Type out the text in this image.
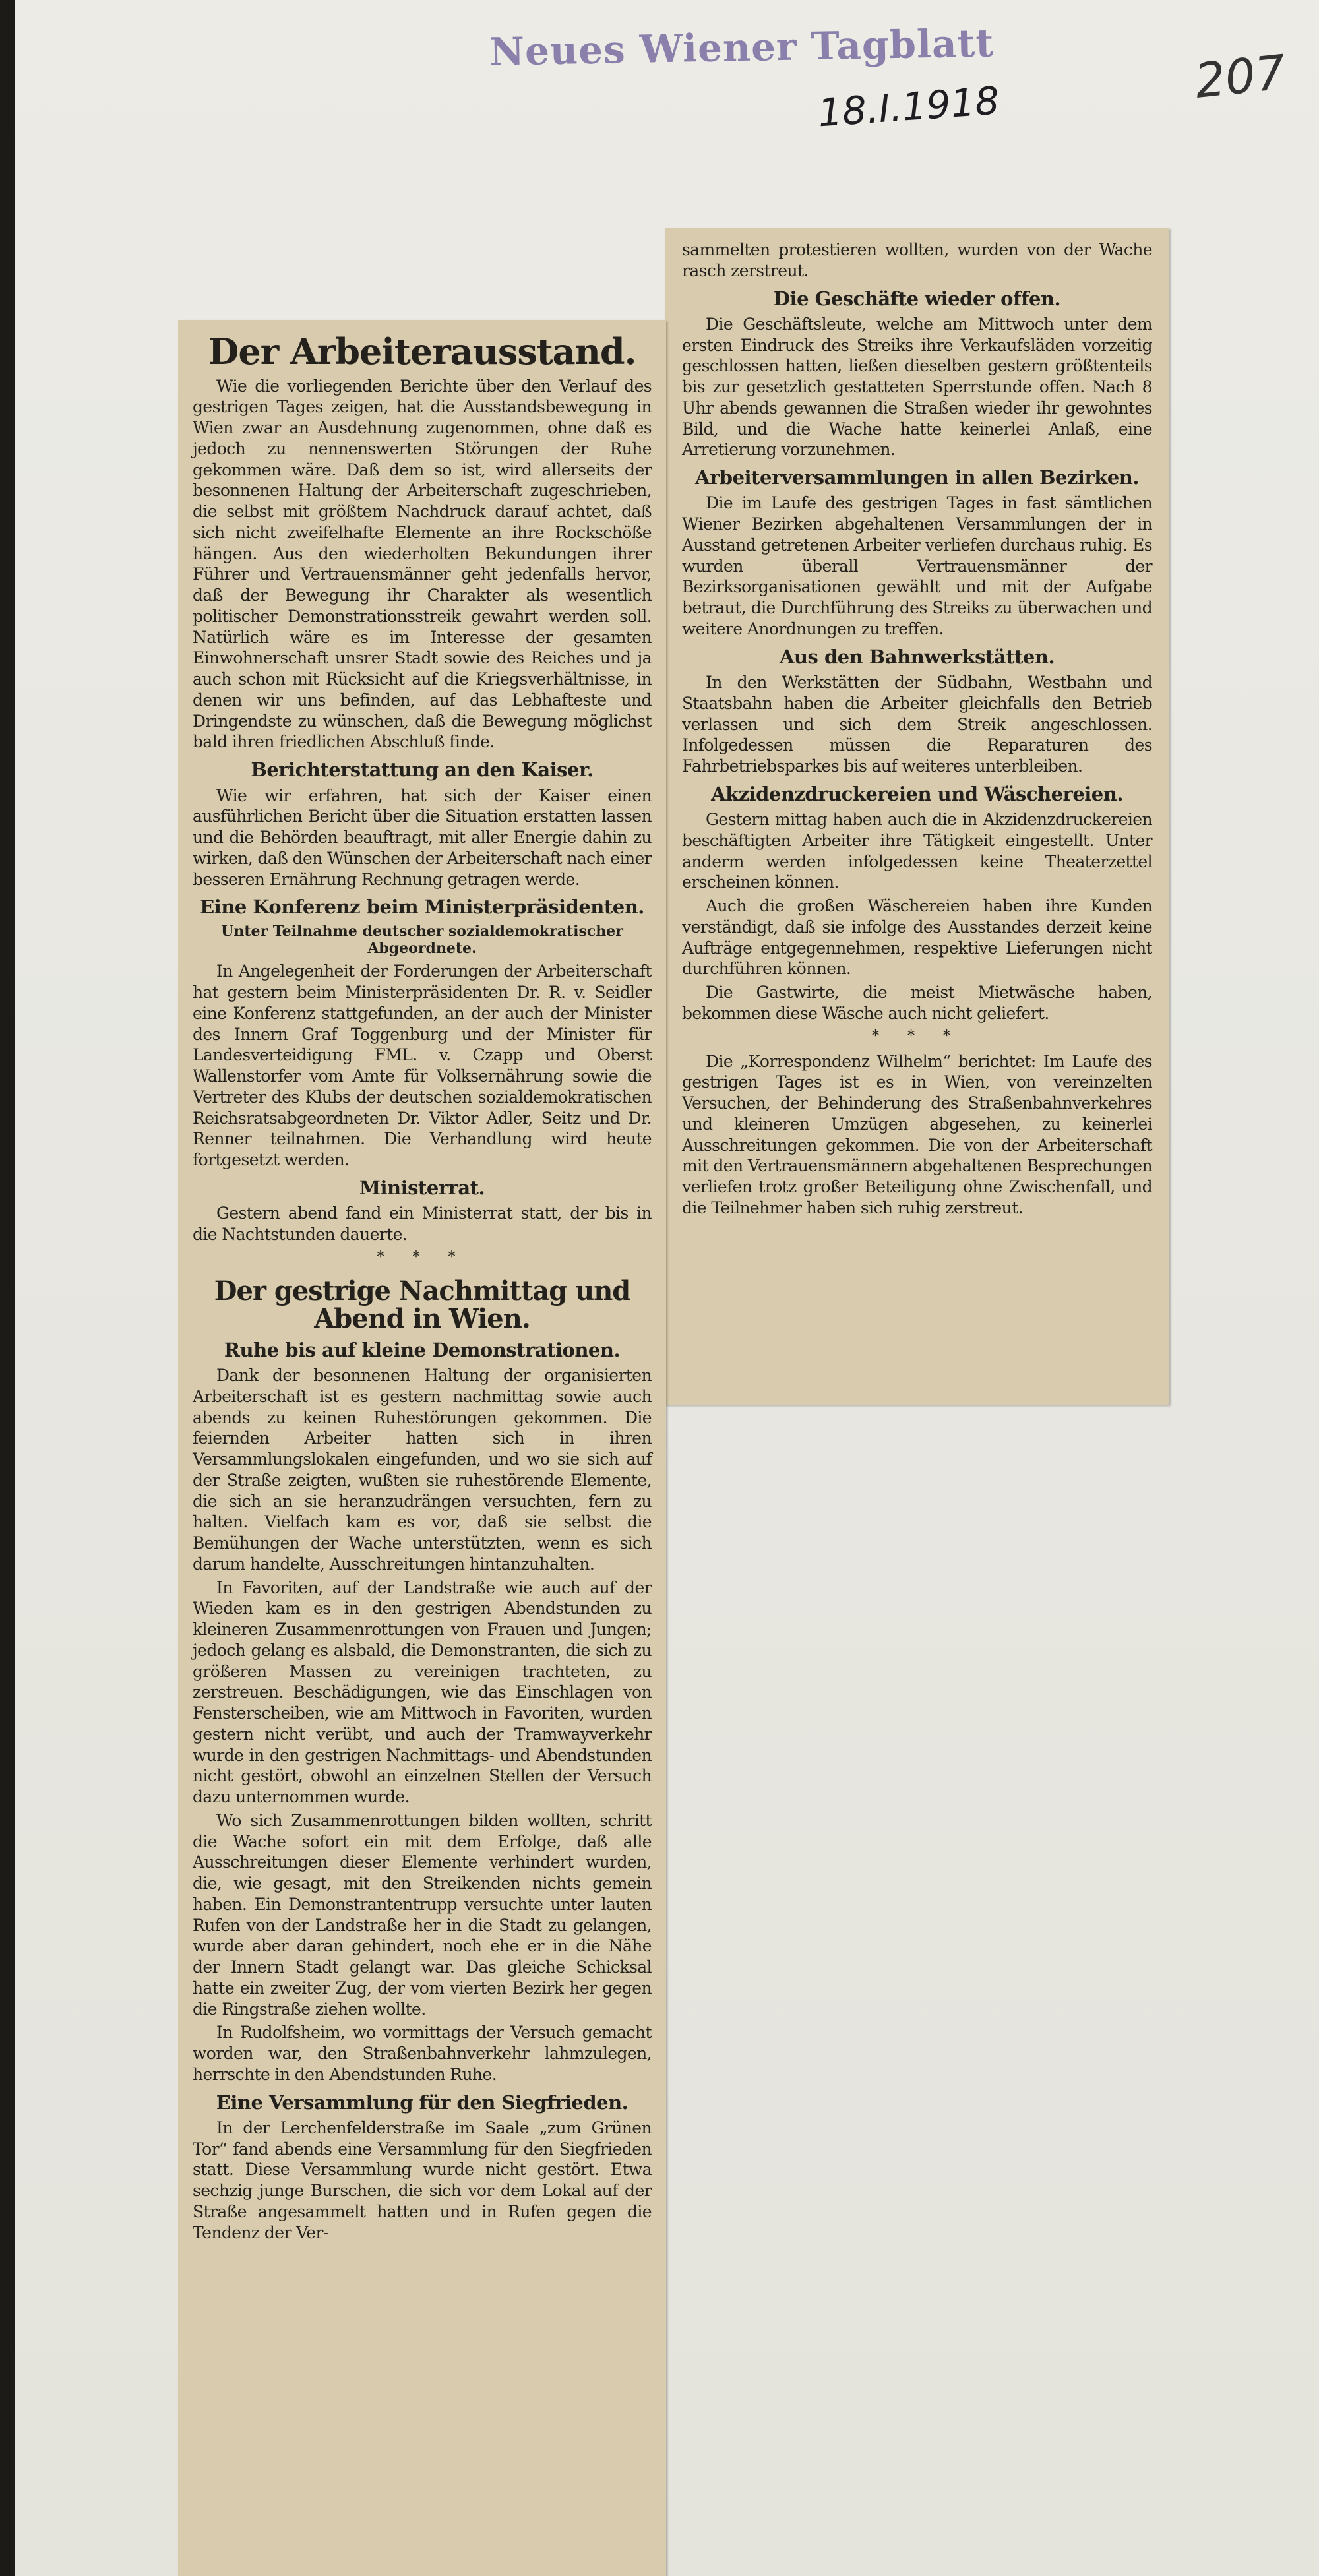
Neues Wiener Tagblatt
18.I.1918	207

sammelten protestieren wollten, wurden von der Wache rasch zerstreut.

Die Geschäfte wieder offen.

Die Geschäftsleute, welche am Mittwoch unter dem ersten Eindruck des Streiks ihre Verkaufsläden vorzeitig geschlossen hatten, ließen dieselben gestern größtenteils bis zur gesetzlich gestatteten Sperrstunde offen. Nach 8 Uhr abends gewannen die Straßen wieder ihr gewohntes Bild, und die Wache hatte keinerlei Anlaß, eine Arretierung vorzunehmen.

Arbeiterversammlungen in allen Bezirken.

Die im Laufe des gestrigen Tages in fast sämtlichen Wiener Bezirken abgehaltenen Versammlungen der in Ausstand getretenen Arbeiter verliefen durchaus ruhig. Es wurden überall Vertrauensmänner der Bezirksorganisationen gewählt und mit der Aufgabe betraut, die Durchführung des Streiks zu überwachen und weitere Anordnungen zu treffen.

Aus den Bahnwerkstätten.

In den Werkstätten der Südbahn, Westbahn und Staatsbahn haben die Arbeiter gleichfalls den Betrieb verlassen und sich dem Streik angeschlossen. Infolgedessen müssen die Reparaturen des Fahrbetriebsparkes bis auf weiteres unterbleiben.

Akzidenzdruckereien und Wäschereien.

Gestern mittag haben auch die in Akzidenzdruckereien beschäftigten Arbeiter ihre Tätigkeit eingestellt. Unter anderm werden infolgedessen keine Theaterzettel erscheinen können.

Auch die großen Wäschereien haben ihre Kunden verständigt, daß sie infolge des Ausstandes derzeit keine Aufträge entgegennehmen, respektive Lieferungen nicht durchführen können.

Die Gastwirte, die meist Mietwäsche haben, bekommen diese Wäsche auch nicht geliefert.

* * *

Die „Korrespondenz Wilhelm“ berichtet: Im Laufe des gestrigen Tages ist es in Wien, von vereinzelten Versuchen, der Behinderung des Straßenbahnverkehres und kleineren Umzügen abgesehen, zu keinerlei Ausschreitungen gekommen. Die von der Arbeiterschaft mit den Vertrauensmännern abgehaltenen Besprechungen verliefen trotz großer Beteiligung ohne Zwischenfall, und die Teilnehmer haben sich ruhig zerstreut.

Der Arbeiterausstand.

Wie die vorliegenden Berichte über den Verlauf des gestrigen Tages zeigen, hat die Ausstandsbewegung in Wien zwar an Ausdehnung zugenommen, ohne daß es jedoch zu nennenswerten Störungen der Ruhe gekommen wäre. Daß dem so ist, wird allerseits der besonnenen Haltung der Arbeiterschaft zugeschrieben, die selbst mit größtem Nachdruck darauf achtet, daß sich nicht zweifelhafte Elemente an ihre Rockschöße hängen. Aus den wiederholten Bekundungen ihrer Führer und Vertrauensmänner geht jedenfalls hervor, daß der Bewegung ihr Charakter als wesentlich politischer Demonstrationsstreik gewahrt werden soll. Natürlich wäre es im Interesse der gesamten Einwohnerschaft unsrer Stadt sowie des Reiches und ja auch schon mit Rücksicht auf die Kriegsverhältnisse, in denen wir uns befinden, auf das Lebhafteste und Dringendste zu wünschen, daß die Bewegung möglichst bald ihren friedlichen Abschluß finde.

Berichterstattung an den Kaiser.

Wie wir erfahren, hat sich der Kaiser einen ausführlichen Bericht über die Situation erstatten lassen und die Behörden beauftragt, mit aller Energie dahin zu wirken, daß den Wünschen der Arbeiterschaft nach einer besseren Ernährung Rechnung getragen werde.

Eine Konferenz beim Ministerpräsidenten.
Unter Teilnahme deutscher sozialdemokratischer Abgeordnete.

In Angelegenheit der Forderungen der Arbeiterschaft hat gestern beim Ministerpräsidenten Dr. R. v. Seidler eine Konferenz stattgefunden, an der auch der Minister des Innern Graf Toggenburg und der Minister für Landesverteidigung FML. v. Czapp und Oberst Wallenstorfer vom Amte für Volksernährung sowie die Vertreter des Klubs der deutschen sozialdemokratischen Reichsratsabgeordneten Dr. Viktor Adler, Seitz und Dr. Renner teilnahmen. Die Verhandlung wird heute fortgesetzt werden.

Ministerrat.

Gestern abend fand ein Ministerrat statt, der bis in die Nachtstunden dauerte.

* * *
Der gestrige Nachmittag und Abend in Wien.
Ruhe bis auf kleine Demonstrationen.

Dank der besonnenen Haltung der organisierten Arbeiterschaft ist es gestern nachmittag sowie auch abends zu keinen Ruhestörungen gekommen. Die feiernden Arbeiter hatten sich in ihren Versammlungslokalen eingefunden, und wo sie sich auf der Straße zeigten, wußten sie ruhestörende Elemente, die sich an sie heranzudrängen versuchten, fern zu halten. Vielfach kam es vor, daß sie selbst die Bemühungen der Wache unterstützten, wenn es sich darum handelte, Ausschreitungen hintanzuhalten.

In Favoriten, auf der Landstraße wie auch auf der Wieden kam es in den gestrigen Abendstunden zu kleineren Zusammenrottungen von Frauen und Jungen; jedoch gelang es alsbald, die Demonstranten, die sich zu größeren Massen zu vereinigen trachteten, zu zerstreuen. Beschädigungen, wie das Einschlagen von Fensterscheiben, wie am Mittwoch in Favoriten, wurden gestern nicht verübt, und auch der Tramwayverkehr wurde in den gestrigen Nachmittags- und Abendstunden nicht gestört, obwohl an einzelnen Stellen der Versuch dazu unternommen wurde.

Wo sich Zusammenrottungen bilden wollten, schritt die Wache sofort ein mit dem Erfolge, daß alle Ausschreitungen dieser Elemente verhindert wurden, die, wie gesagt, mit den Streikenden nichts gemein haben. Ein Demonstrantentrupp versuchte unter lauten Rufen von der Landstraße her in die Stadt zu gelangen, wurde aber daran gehindert, noch ehe er in die Nähe der Innern Stadt gelangt war. Das gleiche Schicksal hatte ein zweiter Zug, der vom vierten Bezirk her gegen die Ringstraße ziehen wollte.

In Rudolfsheim, wo vormittags der Versuch gemacht worden war, den Straßenbahnverkehr lahmzulegen, herrschte in den Abendstunden Ruhe.

Eine Versammlung für den Siegfrieden.

In der Lerchenfelderstraße im Saale „zum Grünen Tor“ fand abends eine Versammlung für den Siegfrieden statt. Diese Versammlung wurde nicht gestört. Etwa sechzig junge Burschen, die sich vor dem Lokal auf der Straße angesammelt hatten und in Rufen gegen die Tendenz der Ver-
